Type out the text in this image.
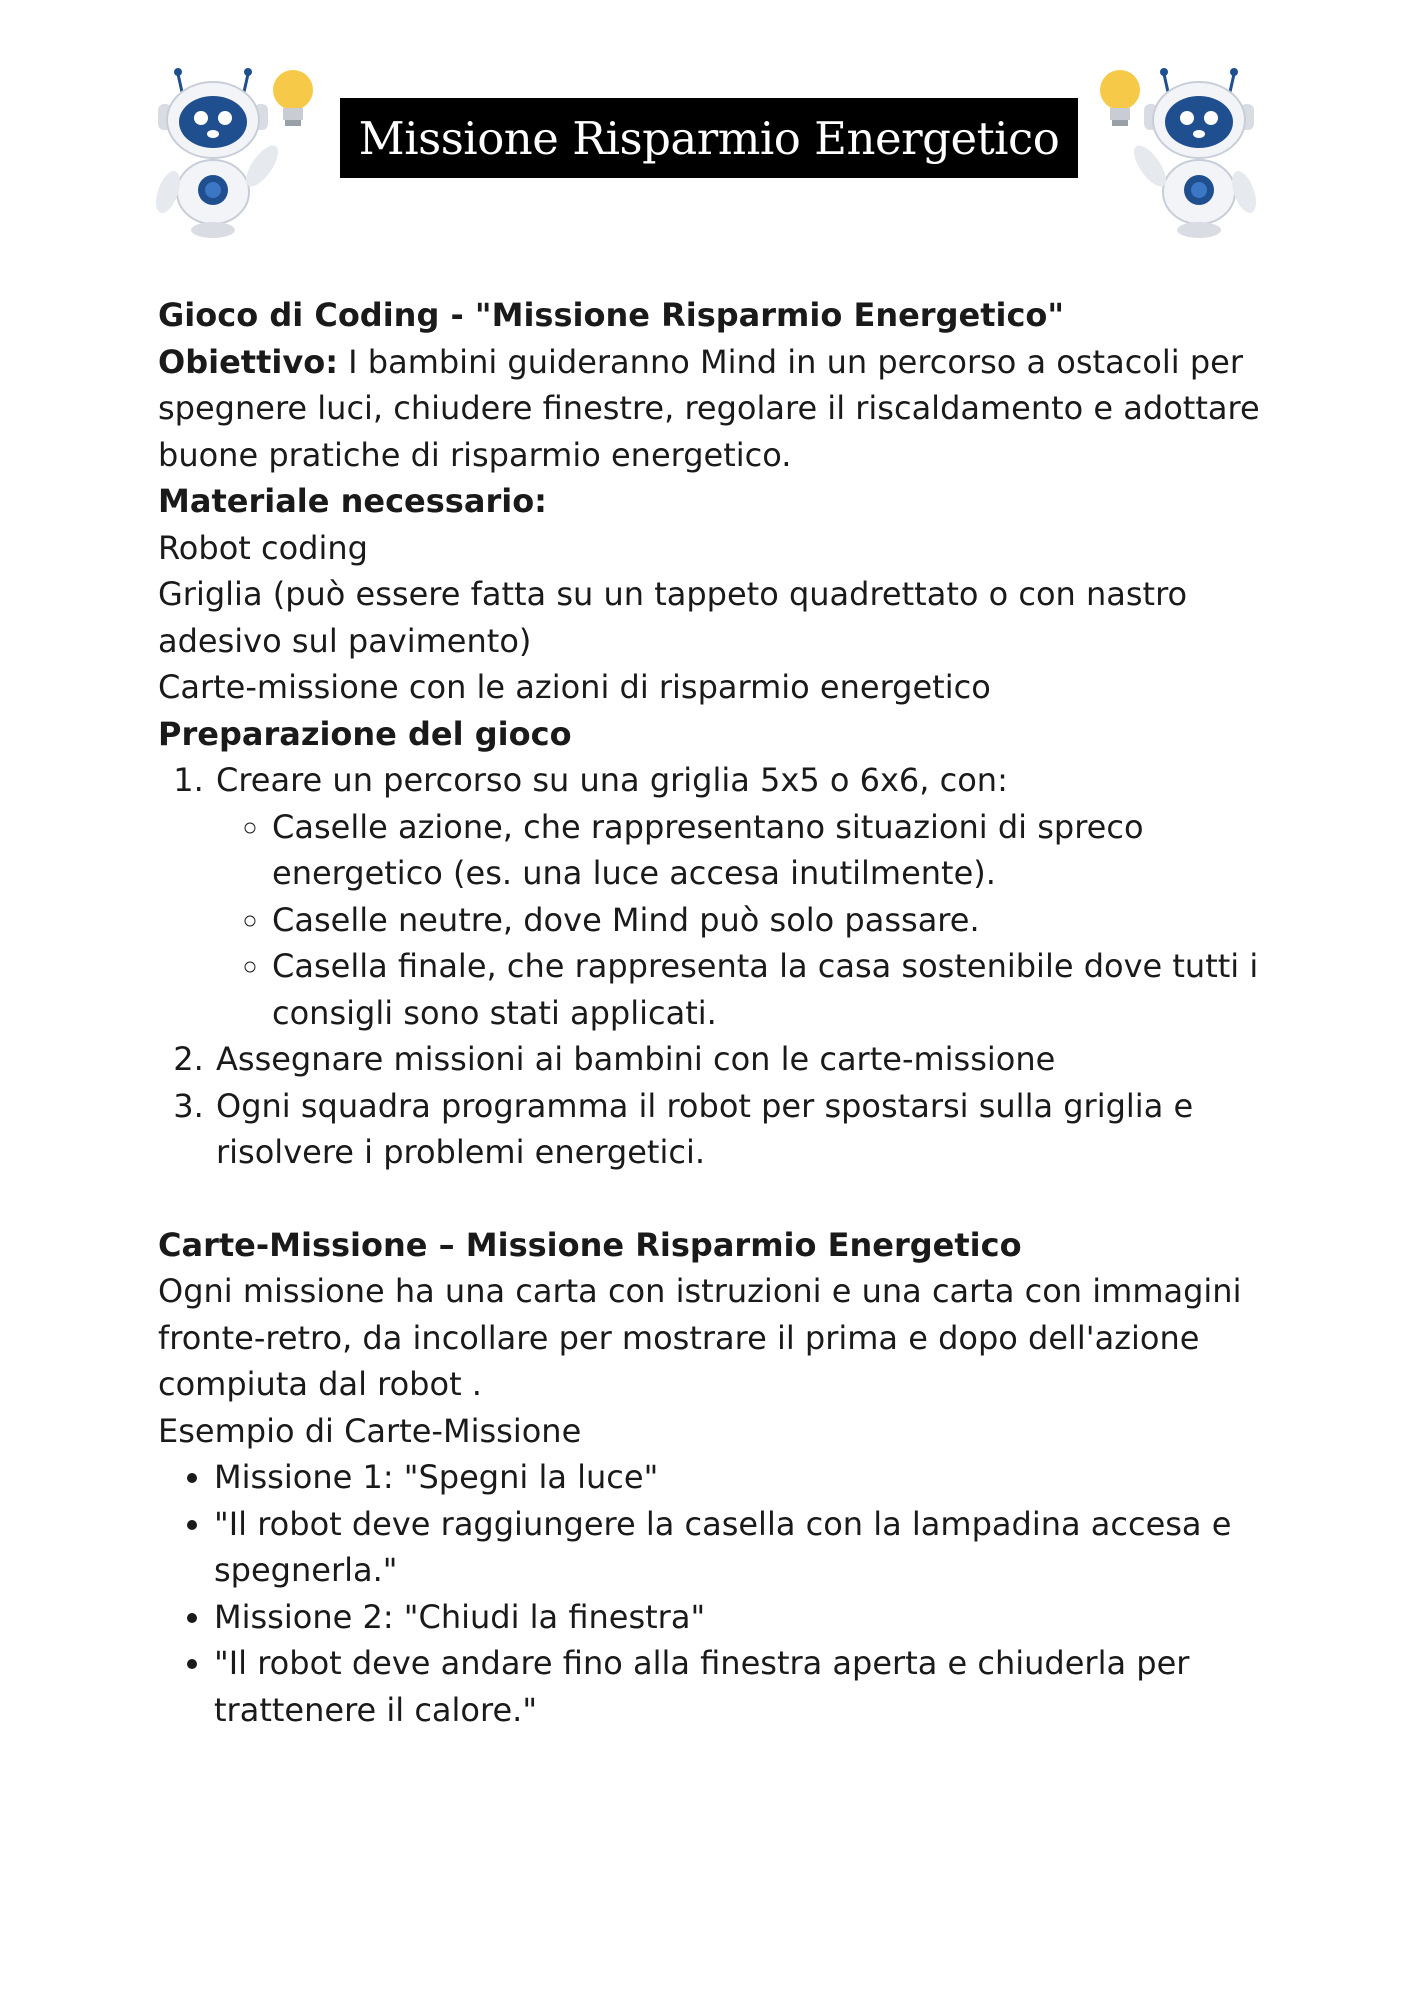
Missione Risparmio Energetico

Gioco di Coding - "Missione Risparmio Energetico"

Obiettivo: I bambini guideranno Mind in un percorso a ostacoli per spegnere luci, chiudere finestre, regolare il riscaldamento e adottare buone pratiche di risparmio energetico.

Materiale necessario:

Robot coding

Griglia (può essere fatta su un tappeto quadrettato o con nastro adesivo sul pavimento)

Carte-missione con le azioni di risparmio energetico

Preparazione del gioco

1. Creare un percorso su una griglia 5x5 o 6x6, con:
◦ Caselle azione, che rappresentano situazioni di spreco energetico (es. una luce accesa inutilmente).
◦ Caselle neutre, dove Mind può solo passare.
◦ Casella finale, che rappresenta la casa sostenibile dove tutti i consigli sono stati applicati.
2. Assegnare missioni ai bambini con le carte-missione
3. Ogni squadra programma il robot per spostarsi sulla griglia e risolvere i problemi energetici.

Carte-Missione – Missione Risparmio Energetico

Ogni missione ha una carta con istruzioni e una carta con immagini fronte-retro, da incollare per mostrare il prima e dopo dell'azione compiuta dal robot .

Esempio di Carte-Missione

• Missione 1: "Spegni la luce"
• "Il robot deve raggiungere la casella con la lampadina accesa e spegnerla."
• Missione 2: "Chiudi la finestra"
• "Il robot deve andare fino alla finestra aperta e chiuderla per trattenere il calore."
